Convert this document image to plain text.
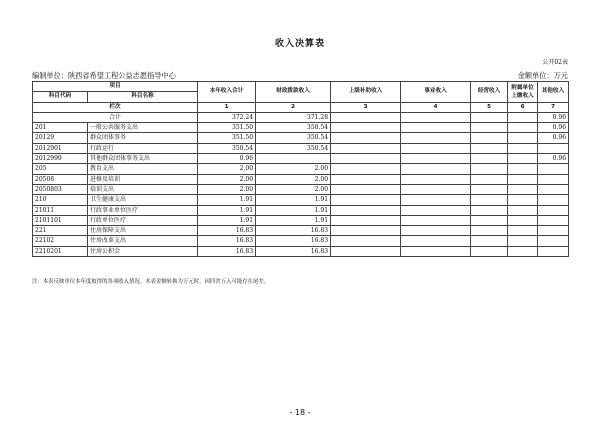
收入决算表
公开02表
编制单位：陕西省希望工程公益志愿指导中心	金额单位：万元
项目		本年收入合计	财政拨款收入	上级补助收入	事业收入	经营收入	附属单位上缴收入	其他收入
科目代码	科目名称							
栏次		1	2	3	4	5	6	7
合计		372.24	371.28					0.96
201	一般公共服务支出	351.50	350.54					0.96
20129	群众团体事务	351.50	350.54					0.96
2012901	行政运行	350.54	350.54					
2012999	其他群众团体事务支出	0.96						0.96
205	教育支出	2.00	2.00					
20508	进修及培训	2.00	2.00					
2050803	培训支出	2.00	2.00					
210	卫生健康支出	1.91	1.91					
21011	行政事业单位医疗	1.91	1.91					
2101101	行政单位医疗	1.91	1.91					
221	住房保障支出	16.83	16.83					
22102	住房改革支出	16.83	16.83					
2210201	住房公积金	16.83	16.83					
注：本表反映单位本年度取得的各项收入情况。本表金额转换为万元时，因四舍五入可能存在尾差。
- 18 -
